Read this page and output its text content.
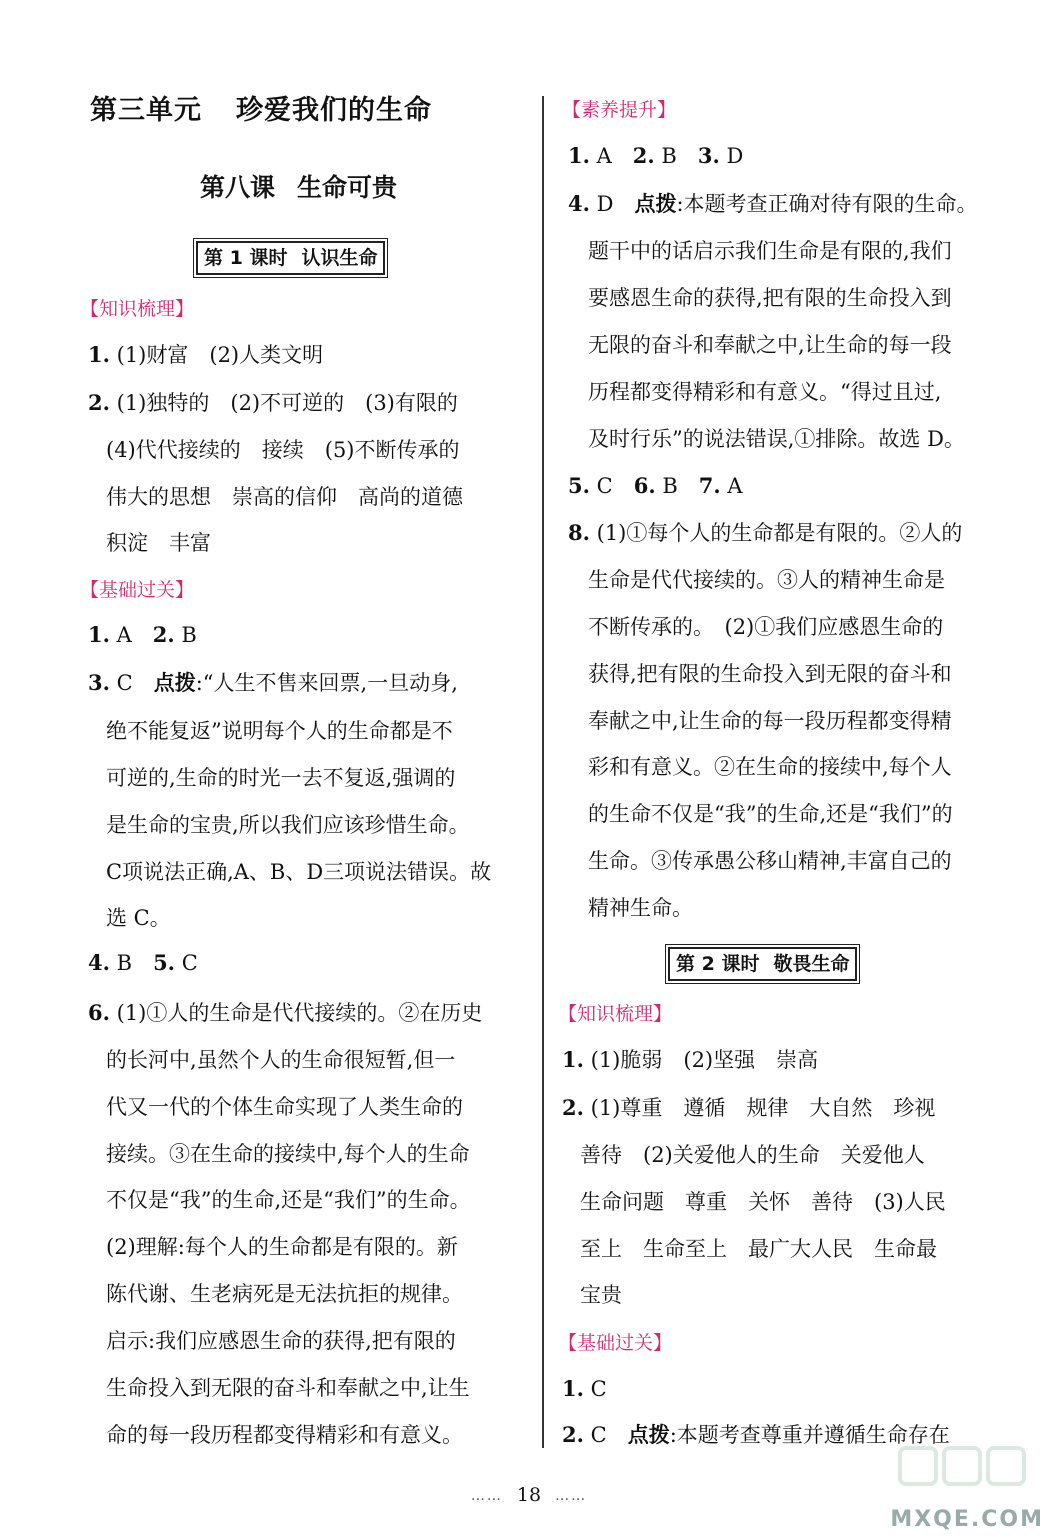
第三单元 珍爱我们的生命
第八课 生命可贵
第 1 课时 认识生命
【知识梳理】
1. (1)财富　 (2)人类文明
2. (1)独特的　 (2)不可逆的　 (3)有限的
(4)代代接续的　 接续　 (5)不断传承的
伟大的思想　 崇高的信仰　 高尚的道德
积淀　 丰富
【基础过关】
1. A　 2. B
3. C　 点拨:“人生不售来回票,一旦动身,
绝不能复返”说明每个人的生命都是不
可逆的,生命的时光一去不复返,强调的
是生命的宝贵,所以我们应该珍惜生命。
C项说法正确,A、B、D三项说法错误。故
选 C。
4. B　 5. C
6. (1)①人的生命是代代接续的。②在历史
的长河中,虽然个人的生命很短暂,但一
代又一代的个体生命实现了人类生命的
接续。③在生命的接续中,每个人的生命
不仅是“我”的生命,还是“我们”的生命。
(2)理解:每个人的生命都是有限的。新
陈代谢、生老病死是无法抗拒的规律。
启示:我们应感恩生命的获得,把有限的
生命投入到无限的奋斗和奉献之中,让生
命的每一段历程都变得精彩和有意义。
【素养提升】
1. A　 2. B　 3. D
4. D　 点拨:本题考查正确对待有限的生命。
题干中的话启示我们生命是有限的,我们
要感恩生命的获得,把有限的生命投入到
无限的奋斗和奉献之中,让生命的每一段
历程都变得精彩和有意义。“得过且过,
及时行乐”的说法错误,①排除。故选 D。
5. C　 6. B　 7. A
8. (1)①每个人的生命都是有限的。②人的
生命是代代接续的。③人的精神生命是
不断传承的。　(2)①我们应感恩生命的
获得,把有限的生命投入到无限的奋斗和
奉献之中,让生命的每一段历程都变得精
彩和有意义。②在生命的接续中,每个人
的生命不仅是“我”的生命,还是“我们”的
生命。③传承愚公移山精神,丰富自己的
精神生命。
第 2 课时 敬畏生命
【知识梳理】
1. (1)脆弱　 (2)坚强　 崇高
2. (1)尊重　 遵循　 规律　 大自然　 珍视
善待　 (2)关爱他人的生命　 关爱他人
生命问题　 尊重　 关怀　 善待　 (3)人民
至上　 生命至上　 最广大人民　 生命最
宝贵
【基础过关】
1. C
2. C　 点拨:本题考查尊重并遵循生命存在
…… 18 ……
MXQE.COM
